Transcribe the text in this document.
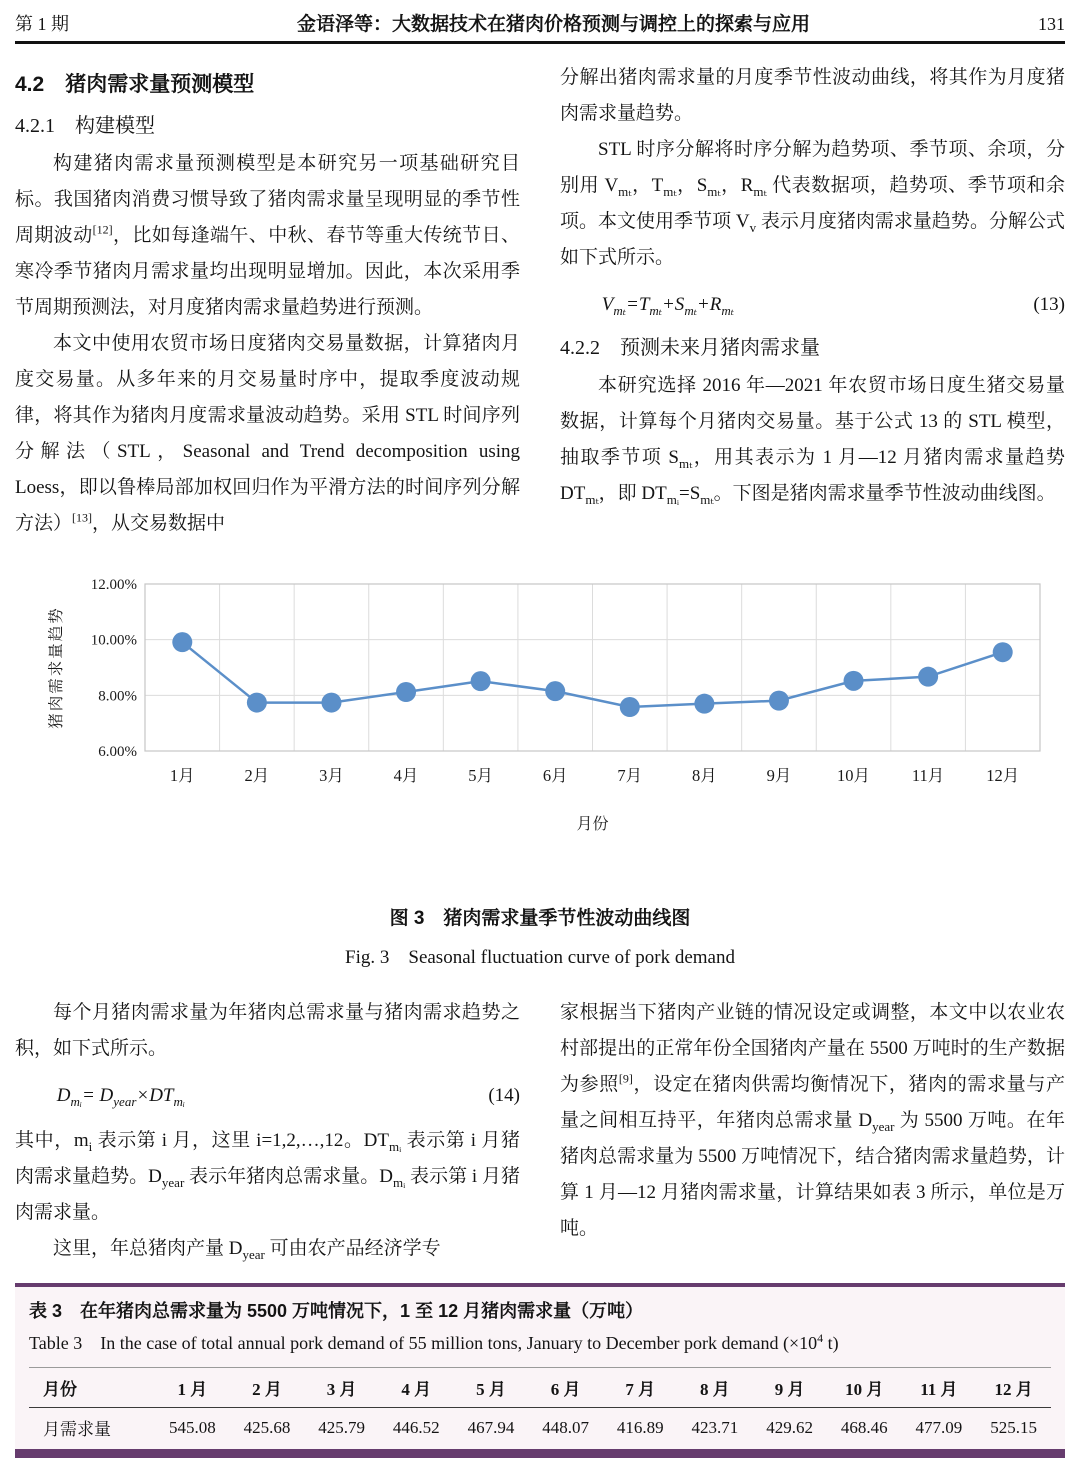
第 1 期	金语泽等：大数据技术在猪肉价格预测与调控上的探索与应用	131
4.2　猪肉需求量预测模型
4.2.1　构建模型

构建猪肉需求量预测模型是本研究另一项基础研究目标。我国猪肉消费习惯导致了猪肉需求量呈现明显的季节性周期波动[12]，比如每逢端午、中秋、春节等重大传统节日、寒冷季节猪肉月需求量均出现明显增加。因此，本次采用季节周期预测法，对月度猪肉需求量趋势进行预测。

本文中使用农贸市场日度猪肉交易量数据，计算猪肉月度交易量。从多年来的月交易量时序中，提取季度波动规律，将其作为猪肉月度需求量波动趋势。采用 STL 时间序列分解法（STL，Seasonal and Trend decomposition using Loess，即以鲁棒局部加权回归作为平滑方法的时间序列分解方法）[13]，从交易数据中

分解出猪肉需求量的月度季节性波动曲线，将其作为月度猪肉需求量趋势。

STL 时序分解将时序分解为趋势项、季节项、余项，分别用 $V_{m_t}$，$T_{m_t}$，$S_{m_t}$，$R_{m_t}$ 代表数据项，趋势项、季节项和余项。本文使用季节项 $V_v$ 表示月度猪肉需求量趋势。分解公式如下式所示。

$V_{m_t}=T_{m_t}+S_{m_t}+R_{m_t}$	(13)
4.2.2　预测未来月猪肉需求量

本研究选择 2016 年—2021 年农贸市场日度生猪交易量数据，计算每个月猪肉交易量。基于公式 13 的 STL 模型，抽取季节项 $S_{m_t}$，用其表示为 1 月—12 月猪肉需求量趋势 $DT_{m_t}$，即 $DT_{mᵢ}=S_{m_t}$。下图是猪肉需求量季节性波动曲线图。

12.00%
10.00%
8.00%
6.00%
猪肉需求量趋势
1月	2月	3月	4月	5月	6月	7月	8月	9月	10月	11月	12月
月份
图 3　猪肉需求量季节性波动曲线图
Fig. 3　Seasonal fluctuation curve of pork demand

每个月猪肉需求量为年猪肉总需求量与猪肉需求趋势之积，如下式所示。

$D_{mᵢ}= D_{year}\times DT_{mᵢ}$	(14)

其中，$m_i$ 表示第 i 月，这里 i=1,2,…,12。$DT_{mᵢ}$ 表示第 i 月猪肉需求量趋势。$D_{year}$ 表示年猪肉总需求量。$D_{mᵢ}$ 表示第 i 月猪肉需求量。

这里，年总猪肉产量 $D_{year}$ 可由农产品经济学专

家根据当下猪肉产业链的情况设定或调整，本文中以农业农村部提出的正常年份全国猪肉产量在 5500 万吨时的生产数据为参照[9]，设定在猪肉供需均衡情况下，猪肉的需求量与产量之间相互持平，年猪肉总需求量 $D_{year}$ 为 5500 万吨。在年猪肉总需求量为 5500 万吨情况下，结合猪肉需求量趋势，计算 1 月—12 月猪肉需求量，计算结果如表 3 所示，单位是万吨。

表 3　在年猪肉总需求量为 5500 万吨情况下，1 至 12 月猪肉需求量（万吨）
Table 3　In the case of total annual pork demand of 55 million tons, January to December pork demand ($\times 10^4$ t)
月份	1 月	2 月	3 月	4 月	5 月	6 月	7 月	8 月	9 月	10 月	11 月	12 月
月需求量	545.08	425.68	425.79	446.52	467.94	448.07	416.89	423.71	429.62	468.46	477.09	525.15
